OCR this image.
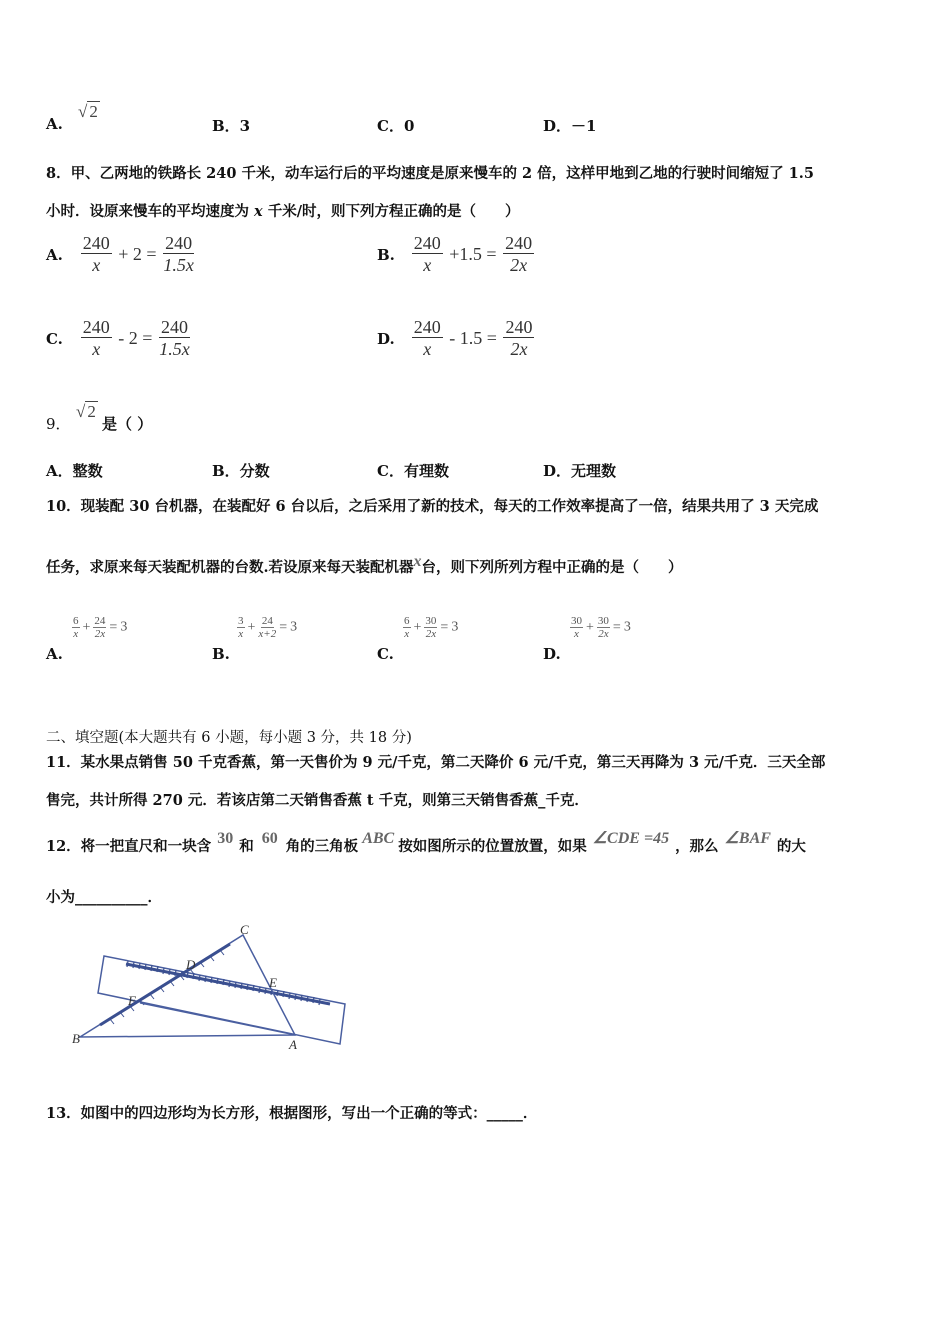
A.
√ 2
B．3	C．0	D．－1
8．甲、乙两地的铁路长 240 千米，动车运行后的平均速度是原来慢车的 2 倍，这样甲地到乙地的行驶时间缩短了 1.5
小时．设原来慢车的平均速度为 x 千米/时，则下列方程正确的是（　　）
A. $\frac{240}{x} + 2 = \frac{240}{1.5x}$	B. $\frac{240}{x} +1.5 = \frac{240}{2x}$
C. $\frac{240}{x} - 2 = \frac{240}{1.5x}$	D. $\frac{240}{x} - 1.5 = \frac{240}{2x}$
9．
√ 2
是（ ）
A．整数	B．分数	C．有理数	D．无理数
10．现装配 30 台机器，在装配好 6 台以后，之后采用了新的技术，每天的工作效率提高了一倍，结果共用了 3 天完成
任务，求原来每天装配机器的台数.若设原来每天装配机器x台，则下列所列方程中正确的是（　　）
$\frac{6}{x} + \frac{24}{2x} = 3$
A.
$\frac{3}{x} + \frac{24}{x+2} = 3$
B.
$\frac{6}{x} + \frac{30}{2x} = 3$
C.
$\frac{30}{x} + \frac{30}{2x} = 3$
D.
二、填空题(本大题共有 6 小题，每小题 3 分，共 18 分)
11．某水果点销售 50 千克香蕉，第一天售价为 9 元/千克，第二天降价 6 元/千克，第三天再降为 3 元/千克．三天全部
售完，共计所得 270 元．若该店第二天销售香蕉 t 千克，则第三天销售香蕉_千克．
12．将一把直尺和一块含 30 和 60 角的三角板 ABC 按如图所示的位置放置，如果 ∠CDE =45 ，那么 ∠BAF 的大
小为__________．
C
D
E
F
B	A
13．如图中的四边形均为长方形，根据图形，写出一个正确的等式：_____．
